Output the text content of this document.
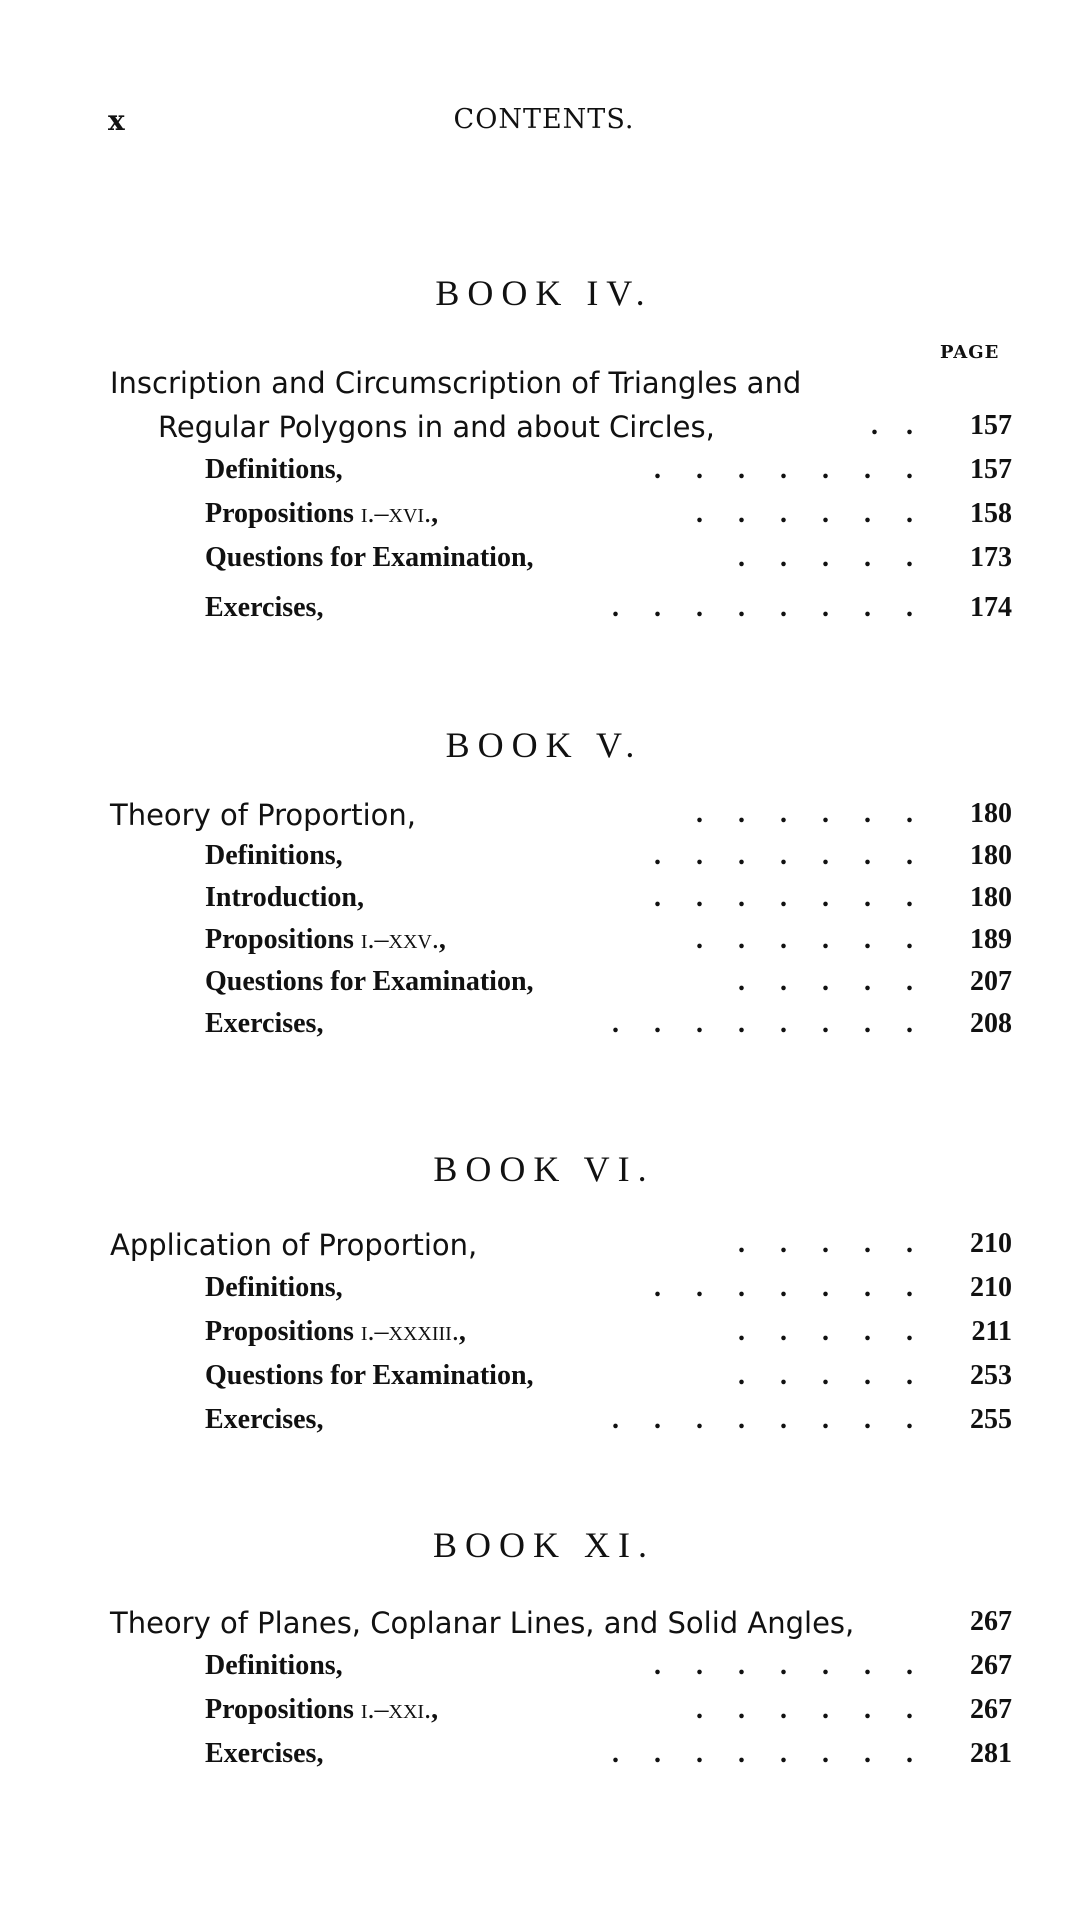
x	CONTENTS.
BOOK IV.
PAGE
Inscription and Circumscription of Triangles and
Regular Polygons in and about Circles,	.    .	157
Definitions,	.     .     .     .     .     .     .	157
Propositions i.–xvi.,	.     .     .     .     .     .	158
Questions for Examination,	.     .     .     .     .	173
Exercises,	.     .     .     .     .     .     .     .	174
BOOK V.
Theory of Proportion,	.     .     .     .     .     .	180
Definitions,	.     .     .     .     .     .     .	180
Introduction,	.     .     .     .     .     .     .	180
Propositions i.–xxv.,	.     .     .     .     .     .	189
Questions for Examination,	.     .     .     .     .	207
Exercises,	.     .     .     .     .     .     .     .	208
BOOK VI.
Application of Proportion,	.     .     .     .     .	210
Definitions,	.     .     .     .     .     .     .	210
Propositions i.–xxxiii.,	.     .     .     .     .	211
Questions for Examination,	.     .     .     .     .	253
Exercises,	.     .     .     .     .     .     .     .	255
BOOK XI.
Theory of Planes, Coplanar Lines, and Solid Angles,	267
Definitions,	.     .     .     .     .     .     .	267
Propositions i.–xxi.,	.     .     .     .     .     .	267
Exercises,	.     .     .     .     .     .     .     .	281
